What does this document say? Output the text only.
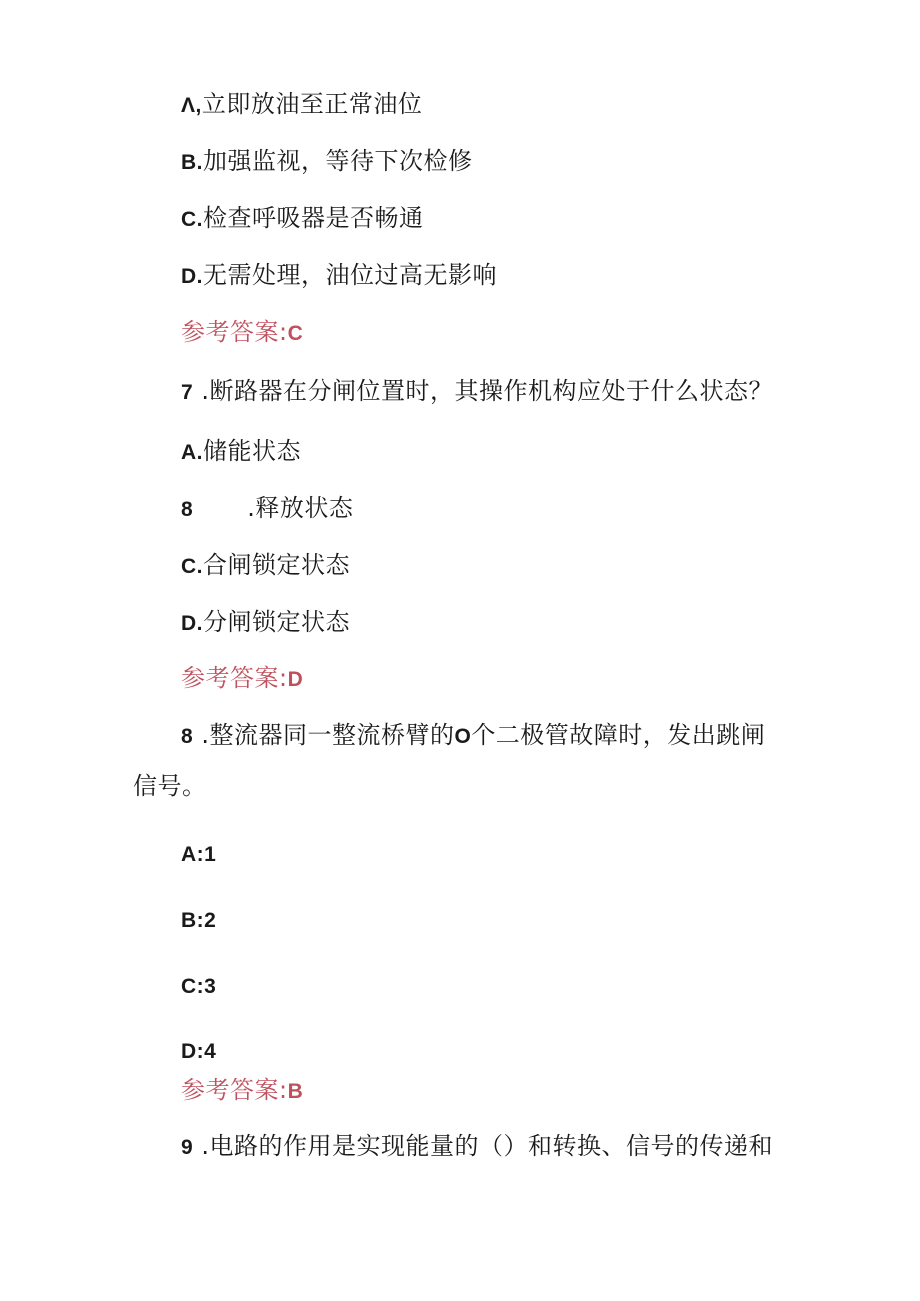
Λ,立即放油至正常油位
B.加强监视，等待下次检修
C.检查呼吸器是否畅通
D.无需处理，油位过高无影响
参考答案:C
7 .断路器在分闸位置时，其操作机构应处于什么状态？
A.储能状态
8 .释放状态
C.合闸锁定状态
D.分闸锁定状态
参考答案:D
8 .整流器同一整流桥臂的O个二极管故障时，发出跳闸
信号。
A:1
B:2
C:3
D:4
参考答案:B
9 .电路的作用是实现能量的（）和转换、信号的传递和
